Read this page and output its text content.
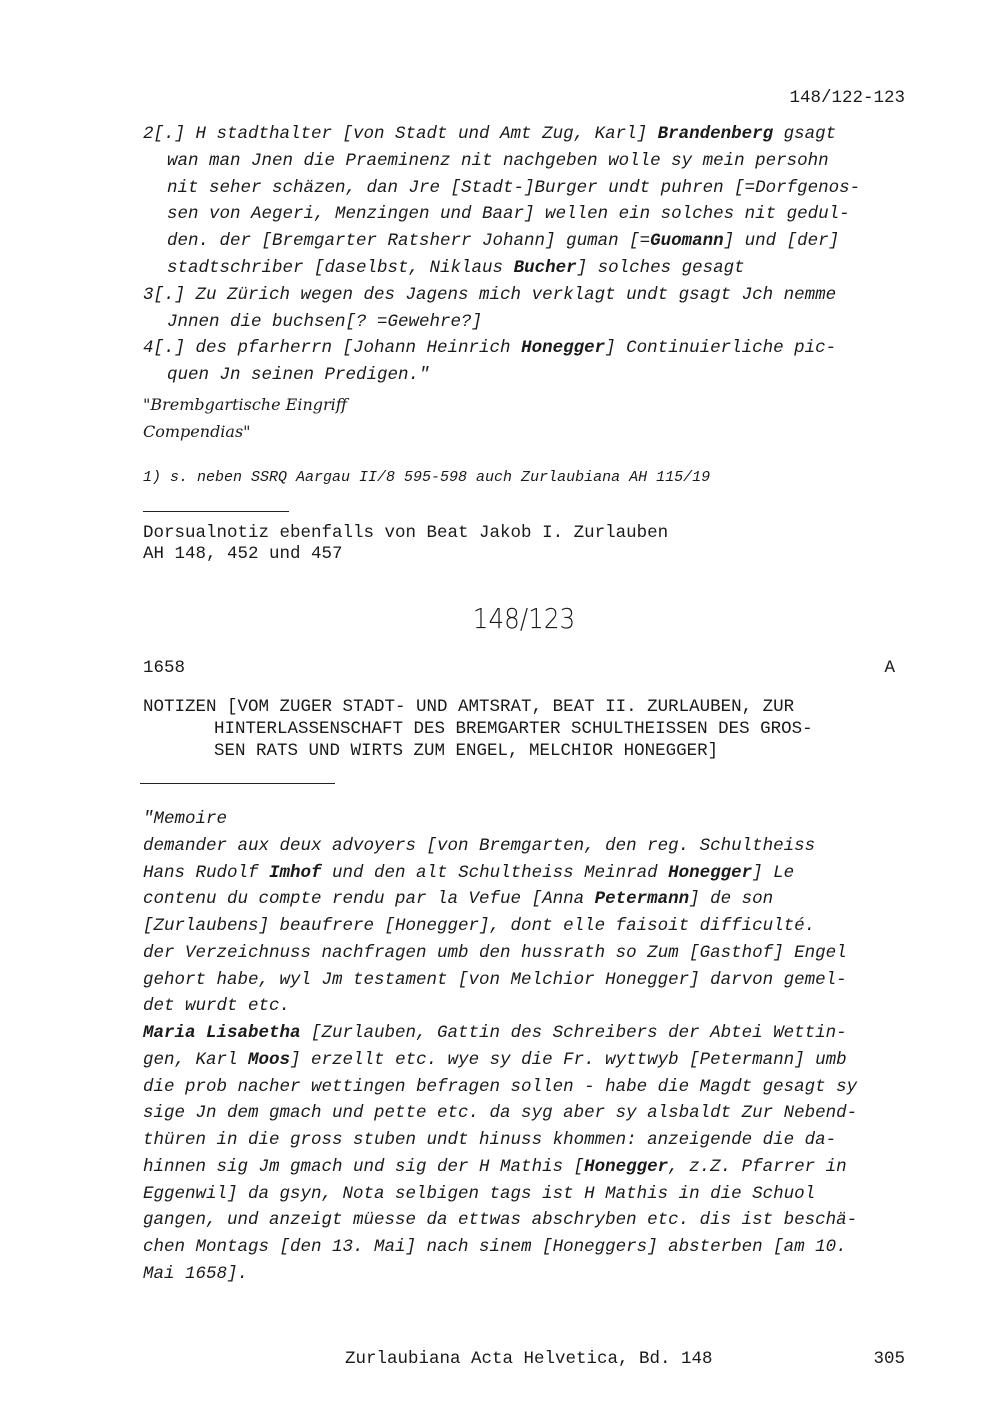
148/122-123
2[.] H stadthalter [von Stadt und Amt Zug, Karl] Brandenberg gsagt
wan man Jnen die Praeminenz nit nachgeben wolle sy mein persohn
nit seher schäzen, dan Jre [Stadt-]Burger undt puhren [=Dorfgenos-
sen von Aegeri, Menzingen und Baar] wellen ein solches nit gedul-
den. der [Bremgarter Ratsherr Johann] guman [=Guomann] und [der]
stadtschriber [daselbst, Niklaus Bucher] solches gesagt
3[.] Zu Zürich wegen des Jagens mich verklagt undt gsagt Jch nemme
Jnnen die buchsen[? =Gewehre?]
4[.] des pfarherrn [Johann Heinrich Honegger] Continuierliche pic-
quen Jn seinen Predigen."
"Brembgartische Eingriff
Compendias"
1) s. neben SSRQ Aargau II/8 595-598 auch Zurlaubiana AH 115/19
Dorsualnotiz ebenfalls von Beat Jakob I. Zurlauben
AH 148, 452 und 457
148/123
1658	A
NOTIZEN [VOM ZUGER STADT- UND AMTSRAT, BEAT II. ZURLAUBEN, ZUR
HINTERLASSENSCHAFT DES BREMGARTER SCHULTHEISSEN DES GROS-
SEN RATS UND WIRTS ZUM ENGEL, MELCHIOR HONEGGER]
"Memoire
demander aux deux advoyers [von Bremgarten, den reg. Schultheiss
Hans Rudolf Imhof und den alt Schultheiss Meinrad Honegger] Le
contenu du compte rendu par la Vefue [Anna Petermann] de son
[Zurlaubens] beaufrere [Honegger], dont elle faisoit difficulté.
der Verzeichnuss nachfragen umb den hussrath so Zum [Gasthof] Engel
gehort habe, wyl Jm testament [von Melchior Honegger] darvon gemel-
det wurdt etc.
Maria Lisabetha [Zurlauben, Gattin des Schreibers der Abtei Wettin-
gen, Karl Moos] erzellt etc. wye sy die Fr. wyttwyb [Petermann] umb
die prob nacher wettingen befragen sollen - habe die Magdt gesagt sy
sige Jn dem gmach und pette etc. da syg aber sy alsbaldt Zur Nebend-
thüren in die gross stuben undt hinuss khommen: anzeigende die da-
hinnen sig Jm gmach und sig der H Mathis [Honegger, z.Z. Pfarrer in
Eggenwil] da gsyn, Nota selbigen tags ist H Mathis in die Schuol
gangen, und anzeigt müesse da ettwas abschryben etc. dis ist beschä-
chen Montags [den 13. Mai] nach sinem [Honeggers] absterben [am 10.
Mai 1658].
Zurlaubiana Acta Helvetica, Bd. 148	305
